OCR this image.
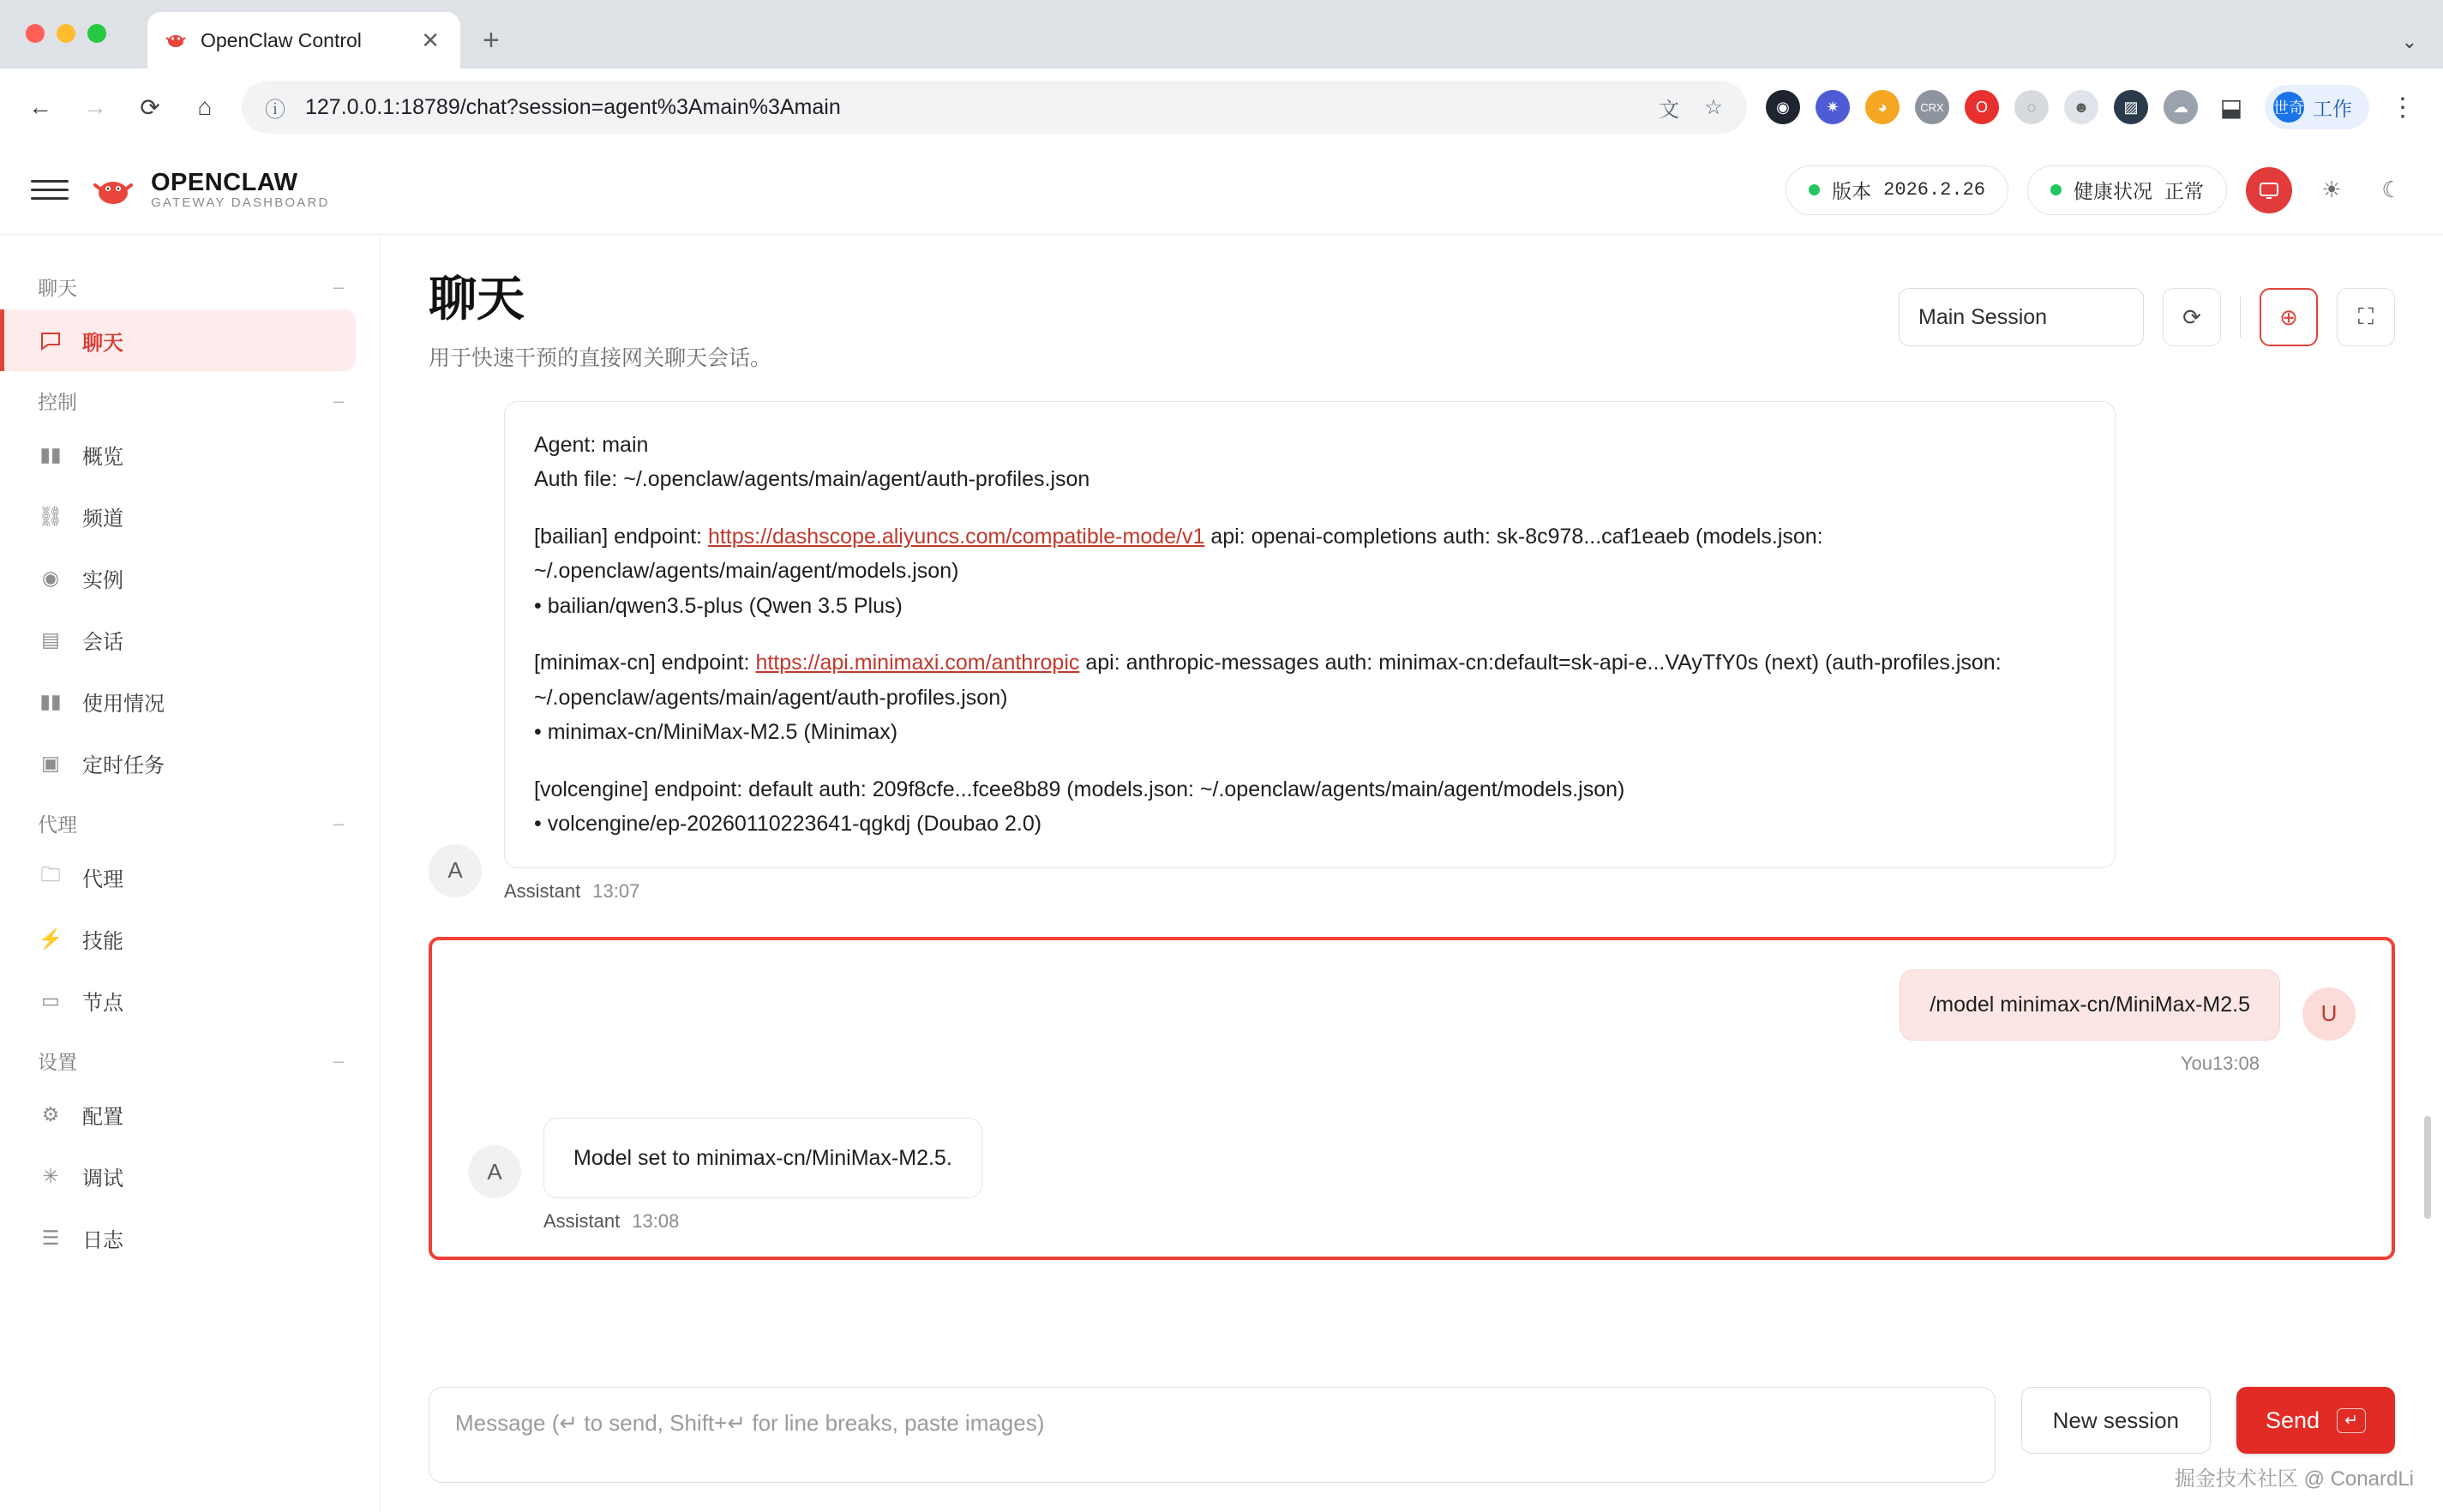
OpenClaw Control	✕ +	⌄
← →	⟳	⌂	ⓘ 127.0.0.1:18789/chat?session=agent%3Amain%3Amain	文 ☆	◉	✷	◕	CRX	O	◌	☻	▨	☁	⬓	世奇 工作 ⋮
OPENCLAW
GATEWAY DASHBOARD
版本 2026.2.26	健康状况 正常	☀	☾
聊天	–
聊天
控制	–
▮▮ 概览
⛓ 频道
◉ 实例
▤ 会话
▮▮ 使用情况
▣ 定时任务
代理	–
🗀 代理
⚡ 技能
▭ 节点
设置	–
⚙ 配置
✳ 调试
☰ 日志
聊天
用于快速干预的直接网关聊天会话。
Main Session	⟳	⊕	⛶

Agent: main

Auth file: ~/.openclaw/agents/main/agent/auth-profiles.json

[bailian] endpoint: https://dashscope.aliyuncs.com/compatible-mode/v1 api: openai-completions auth: sk-8c978...caf1eaeb (models.json: ~/.openclaw/agents/main/agent/models.json)

• bailian/qwen3.5-plus (Qwen 3.5 Plus)

[minimax-cn] endpoint: https://api.minimaxi.com/anthropic api: anthropic-messages auth: minimax-cn:default=sk-api-e...VAyTfY0s (next) (auth-profiles.json: ~/.openclaw/agents/main/agent/auth-profiles.json)

• minimax-cn/MiniMax-M2.5 (Minimax)

[volcengine] endpoint: default auth: 209f8cfe...fcee8b89 (models.json: ~/.openclaw/agents/main/agent/models.json)

• volcengine/ep-20260110223641-qgkdj (Doubao 2.0)

A
Assistant 13:07
/model minimax-cn/MiniMax-M2.5	U
You13:08
A
Model set to minimax-cn/MiniMax-M2.5.
Assistant 13:08
Message (↵ to send, Shift+↵ for line breaks, paste images)	New session	Send	↵
掘金技术社区 @ ConardLi
